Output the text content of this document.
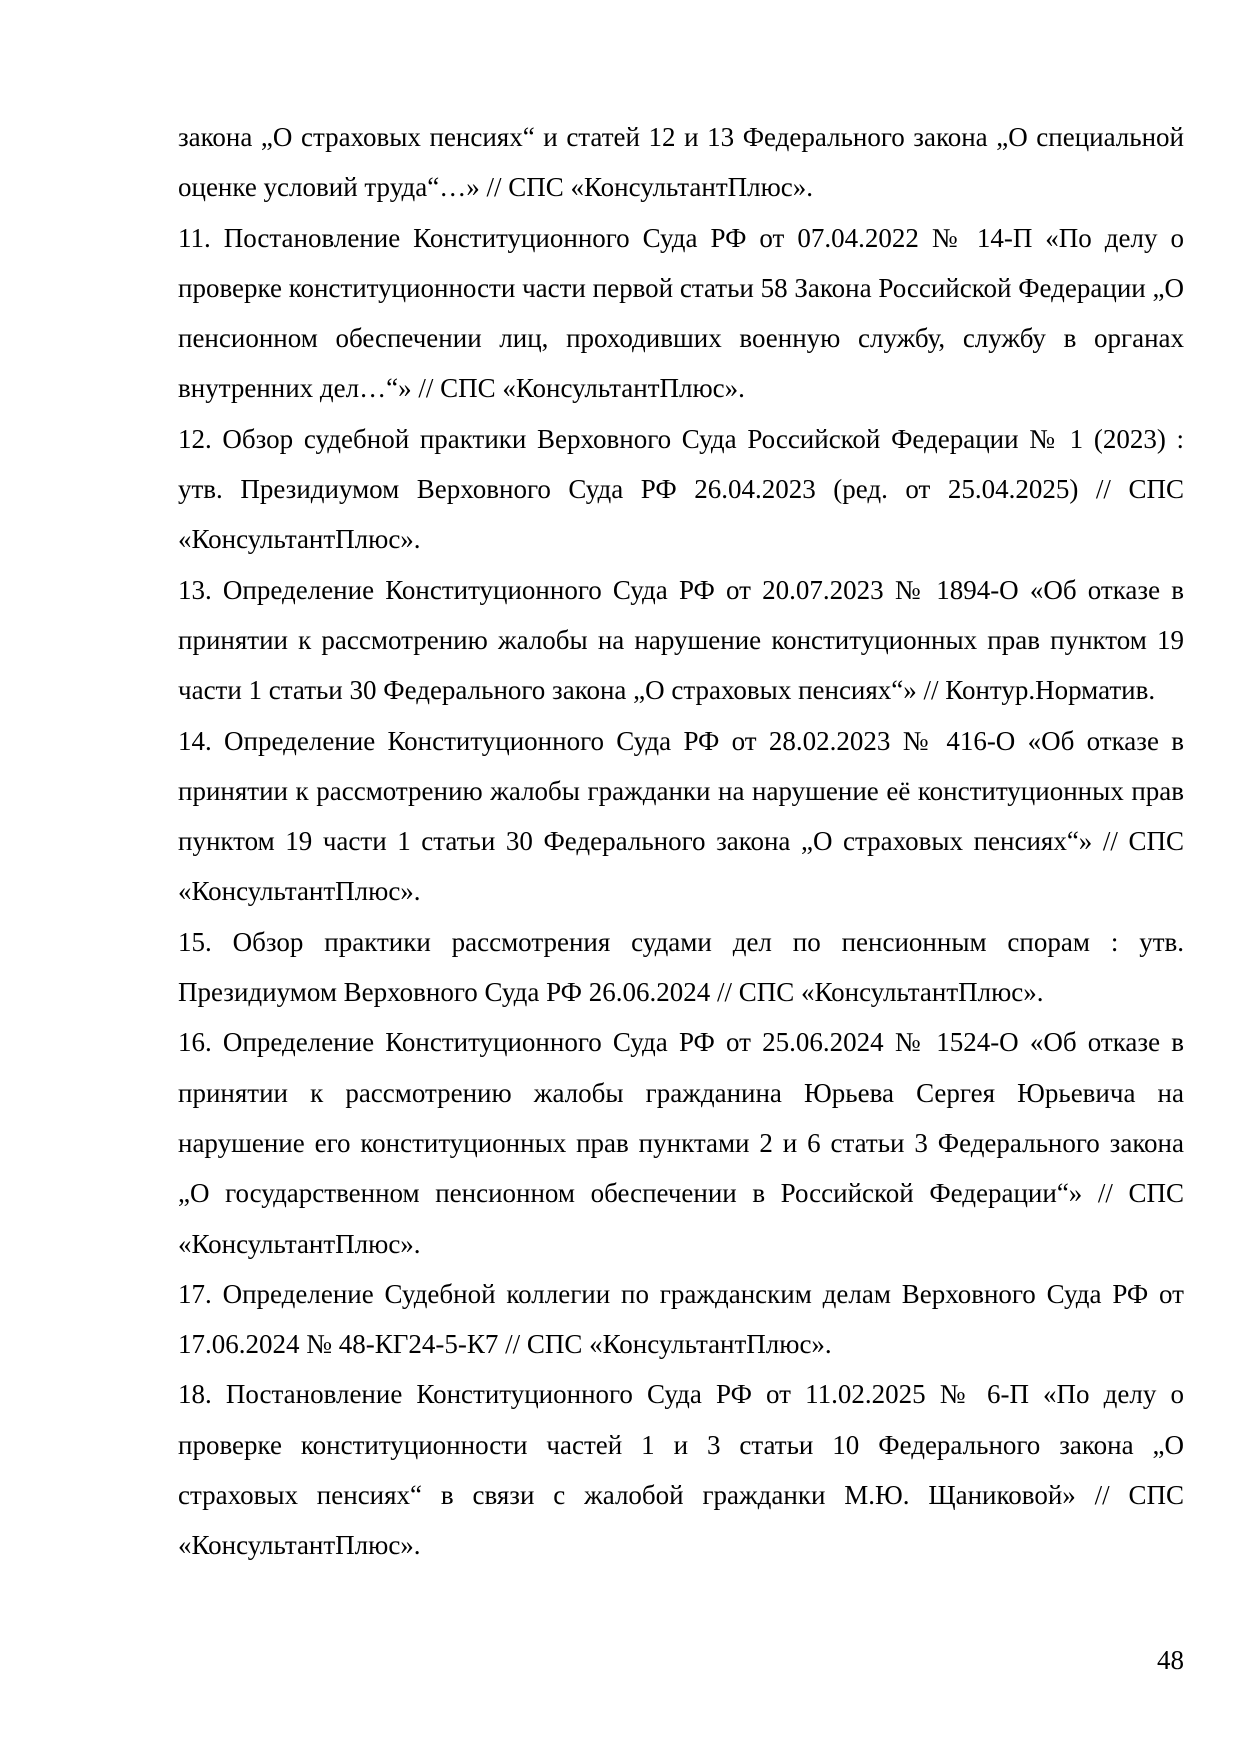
закона „О страховых пенсиях“ и статей 12 и 13 Федерального закона „О специальной оценке условий труда“…» // СПС «КонсультантПлюс».

11. Постановление Конституционного Суда РФ от 07.04.2022 № 14-П «По делу о проверке конституционности части первой статьи 58 Закона Российской Федерации „О пенсионном обеспечении лиц, проходивших военную службу, службу в органах внутренних дел…“» // СПС «КонсультантПлюс».

12. Обзор судебной практики Верховного Суда Российской Федерации № 1 (2023) : утв. Президиумом Верховного Суда РФ 26.04.2023 (ред. от 25.04.2025) // СПС «КонсультантПлюс».

13. Определение Конституционного Суда РФ от 20.07.2023 № 1894-О «Об отказе в принятии к рассмотрению жалобы на нарушение конституционных прав пунктом 19 части 1 статьи 30 Федерального закона „О страховых пенсиях“» // Контур.Норматив.

14. Определение Конституционного Суда РФ от 28.02.2023 № 416-О «Об отказе в принятии к рассмотрению жалобы гражданки на нарушение её конституционных прав пунктом 19 части 1 статьи 30 Федерального закона „О страховых пенсиях“» // СПС «КонсультантПлюс».

15. Обзор практики рассмотрения судами дел по пенсионным спорам : утв. Президиумом Верховного Суда РФ 26.06.2024 // СПС «КонсультантПлюс».

16. Определение Конституционного Суда РФ от 25.06.2024 № 1524-О «Об отказе в принятии к рассмотрению жалобы гражданина Юрьева Сергея Юрьевича на нарушение его конституционных прав пунктами 2 и 6 статьи 3 Федерального закона „О государственном пенсионном обеспечении в Российской Федерации“» // СПС «КонсультантПлюс».

17. Определение Судебной коллегии по гражданским делам Верховного Суда РФ от 17.06.2024 № 48-КГ24-5-К7 // СПС «КонсультантПлюс».

18. Постановление Конституционного Суда РФ от 11.02.2025 № 6-П «По делу о проверке конституционности частей 1 и 3 статьи 10 Федерального закона „О страховых пенсиях“ в связи с жалобой гражданки М.Ю. Щаниковой» // СПС «КонсультантПлюс».

48
